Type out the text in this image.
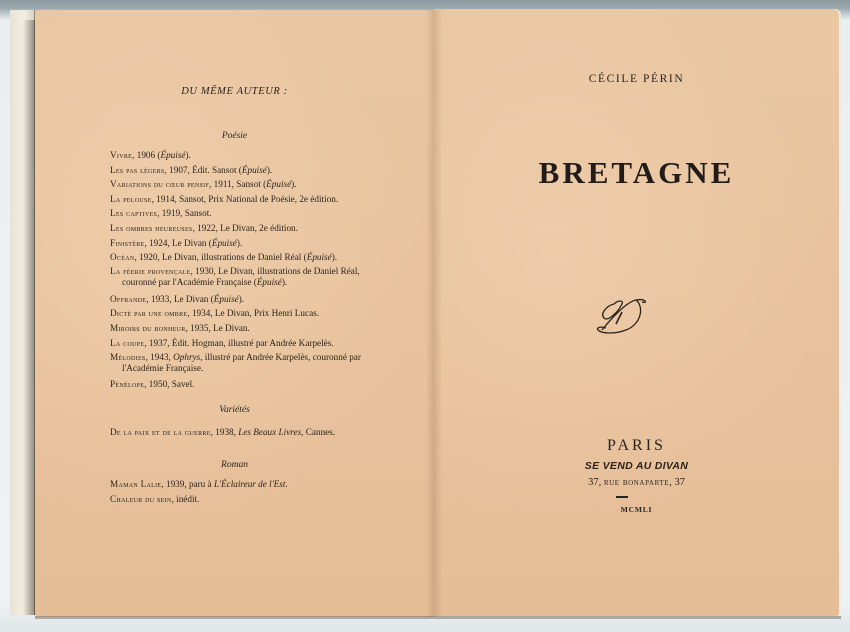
DU MÊME AUTEUR :
Poésie

Vivre, 1906 (Épuisé).

Les pas légers, 1907, Édit. Sansot (Épuisé).

Variations du cœur pensif, 1911, Sansot (Épuisé).

La pelouse, 1914, Sansot, Prix National de Poésie, 2e édition.

Les captives, 1919, Sansot.

Les ombres heureuses, 1922, Le Divan, 2e édition.

Finistère, 1924, Le Divan (Épuisé).

Océan, 1920, Le Divan, illustrations de Daniel Réal (Épuisé).

La féerie provençale, 1930, Le Divan, illustrations de Daniel Réal,
couronné par l'Académie Française (Épuisé).

Offrande, 1933, Le Divan (Épuisé).

Dicté par une ombre, 1934, Le Divan, Prix Henri Lucas.

Miroirs du bonheur, 1935, Le Divan.

La coupe, 1937, Édit. Hogman, illustré par Andrée Karpelès.

Mélodies, 1943, Ophrys, illustré par Andrée Karpelès, couronné par
l'Académie Française.

Pénélope, 1950, Savel.

Variétés

De la paix et de la guerre, 1938, Les Beaux Livres, Cannes.

Roman

Maman Lalie, 1939, paru à L'Éclaireur de l'Est.

Chaleur du sein, inédit.

CÉCILE PÉRIN
BRETAGNE
PARIS
SE VEND AU DIVAN
37, rue bonaparte, 37
MCMLI
